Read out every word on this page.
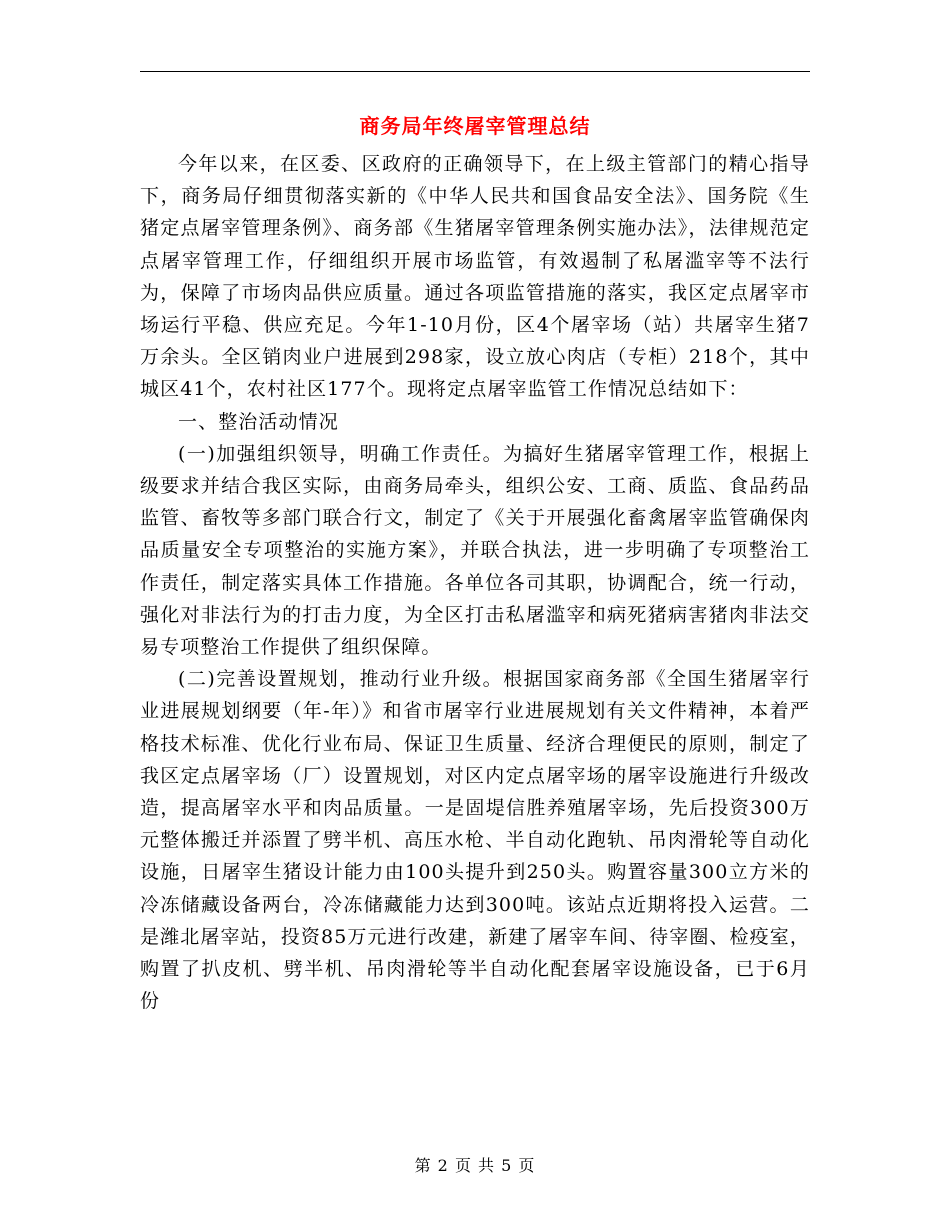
商务局年终屠宰管理总结

今年以来，在区委、区政府的正确领导下，在上级主管部门的精心指导下，商务局仔细贯彻落实新的《中华人民共和国食品安全法》、国务院《生猪定点屠宰管理条例》、商务部《生猪屠宰管理条例实施办法》，法律规范定点屠宰管理工作，仔细组织开展市场监管，有效遏制了私屠滥宰等不法行为，保障了市场肉品供应质量。通过各项监管措施的落实，我区定点屠宰市场运行平稳、供应充足。今年1-10月份，区4个屠宰场（站）共屠宰生猪7万余头。全区销肉业户进展到298家，设立放心肉店（专柜）218个，其中城区41个，农村社区177个。现将定点屠宰监管工作情况总结如下：

一、整治活动情况

(一)加强组织领导，明确工作责任。为搞好生猪屠宰管理工作，根据上级要求并结合我区实际，由商务局牵头，组织公安、工商、质监、食品药品监管、畜牧等多部门联合行文，制定了《关于开展强化畜禽屠宰监管确保肉品质量安全专项整治的实施方案》，并联合执法，进一步明确了专项整治工作责任，制定落实具体工作措施。各单位各司其职，协调配合，统一行动，强化对非法行为的打击力度，为全区打击私屠滥宰和病死猪病害猪肉非法交易专项整治工作提供了组织保障。

(二)完善设置规划，推动行业升级。根据国家商务部《全国生猪屠宰行业进展规划纲要（年-年）》和省市屠宰行业进展规划有关文件精神，本着严格技术标准、优化行业布局、保证卫生质量、经济合理便民的原则，制定了我区定点屠宰场（厂）设置规划，对区内定点屠宰场的屠宰设施进行升级改造，提高屠宰水平和肉品质量。一是固堤信胜养殖屠宰场，先后投资300万元整体搬迁并添置了劈半机、高压水枪、半自动化跑轨、吊肉滑轮等自动化设施，日屠宰生猪设计能力由100头提升到250头。购置容量300立方米的冷冻储藏设备两台，冷冻储藏能力达到300吨。该站点近期将投入运营。二是潍北屠宰站，投资85万元进行改建，新建了屠宰车间、待宰圈、检疫室，购置了扒皮机、劈半机、吊肉滑轮等半自动化配套屠宰设施设备，已于6月份

第 2 页 共 5 页
